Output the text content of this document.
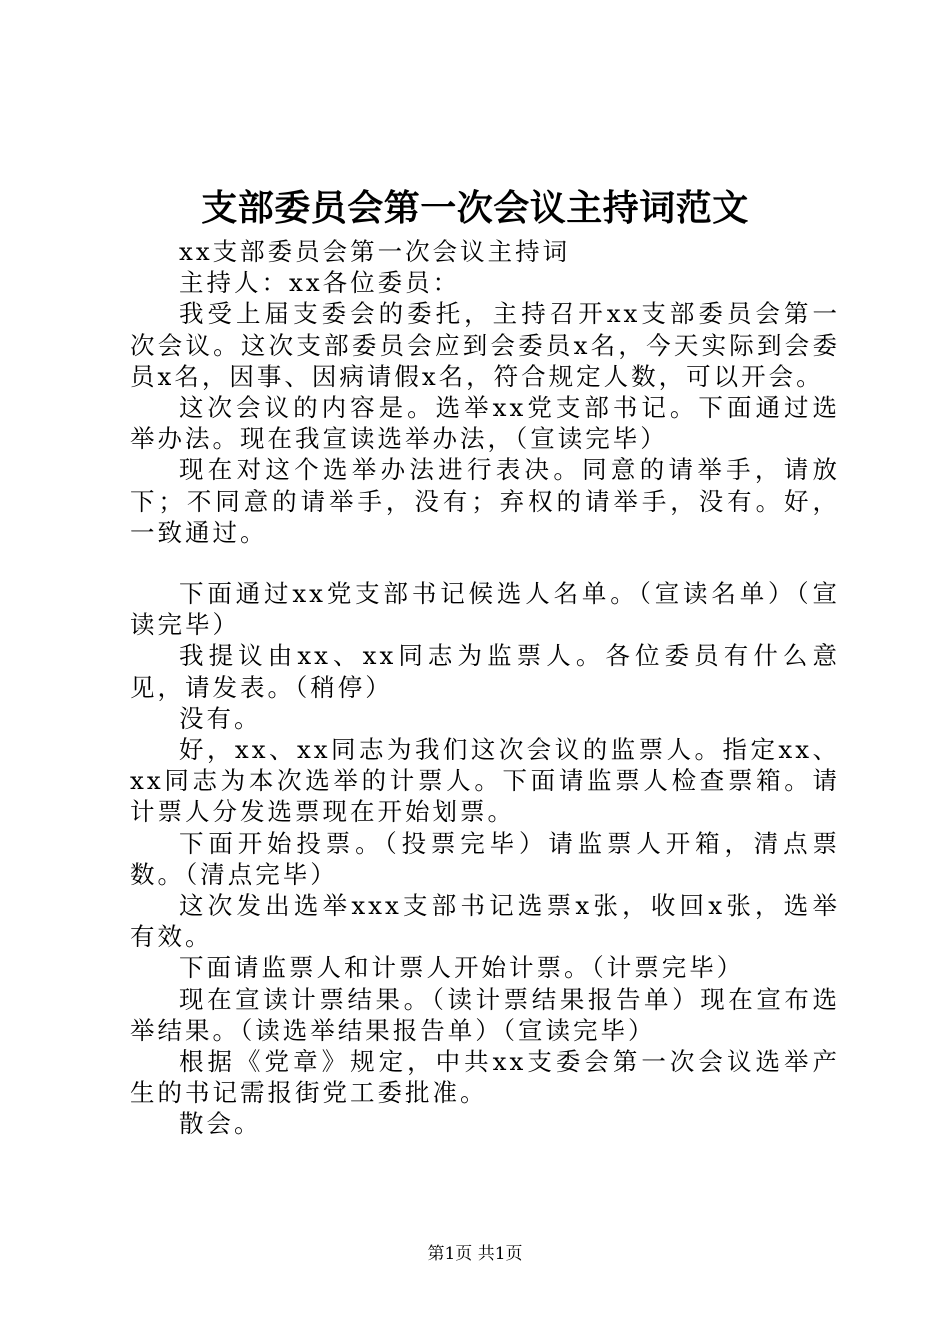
支部委员会第一次会议主持词范文

xx支部委员会第一次会议主持词

主持人：xx各位委员：

我受上届支委会的委托，主持召开xx支部委员会第一次会议。这次支部委员会应到会委员x名，今天实际到会委员x名，因事、因病请假x名，符合规定人数，可以开会。

这次会议的内容是。选举xx党支部书记。下面通过选举办法。现在我宣读选举办法，（宣读完毕）

现在对这个选举办法进行表决。同意的请举手，请放下；不同意的请举手，没有；弃权的请举手，没有。好，一致通过。

下面通过xx党支部书记候选人名单。（宣读名单）（宣读完毕）

我提议由xx、xx同志为监票人。各位委员有什么意见，请发表。（稍停）

没有。

好，xx、xx同志为我们这次会议的监票人。指定xx、xx同志为本次选举的计票人。下面请监票人检查票箱。请计票人分发选票现在开始划票。

下面开始投票。（投票完毕）请监票人开箱，清点票数。（清点完毕）

这次发出选举xxx支部书记选票x张，收回x张，选举有效。

下面请监票人和计票人开始计票。（计票完毕）

现在宣读计票结果。（读计票结果报告单）现在宣布选举结果。（读选举结果报告单）（宣读完毕）

根据《党章》规定，中共xx支委会第一次会议选举产生的书记需报街党工委批准。

散会。

第1页 共1页
